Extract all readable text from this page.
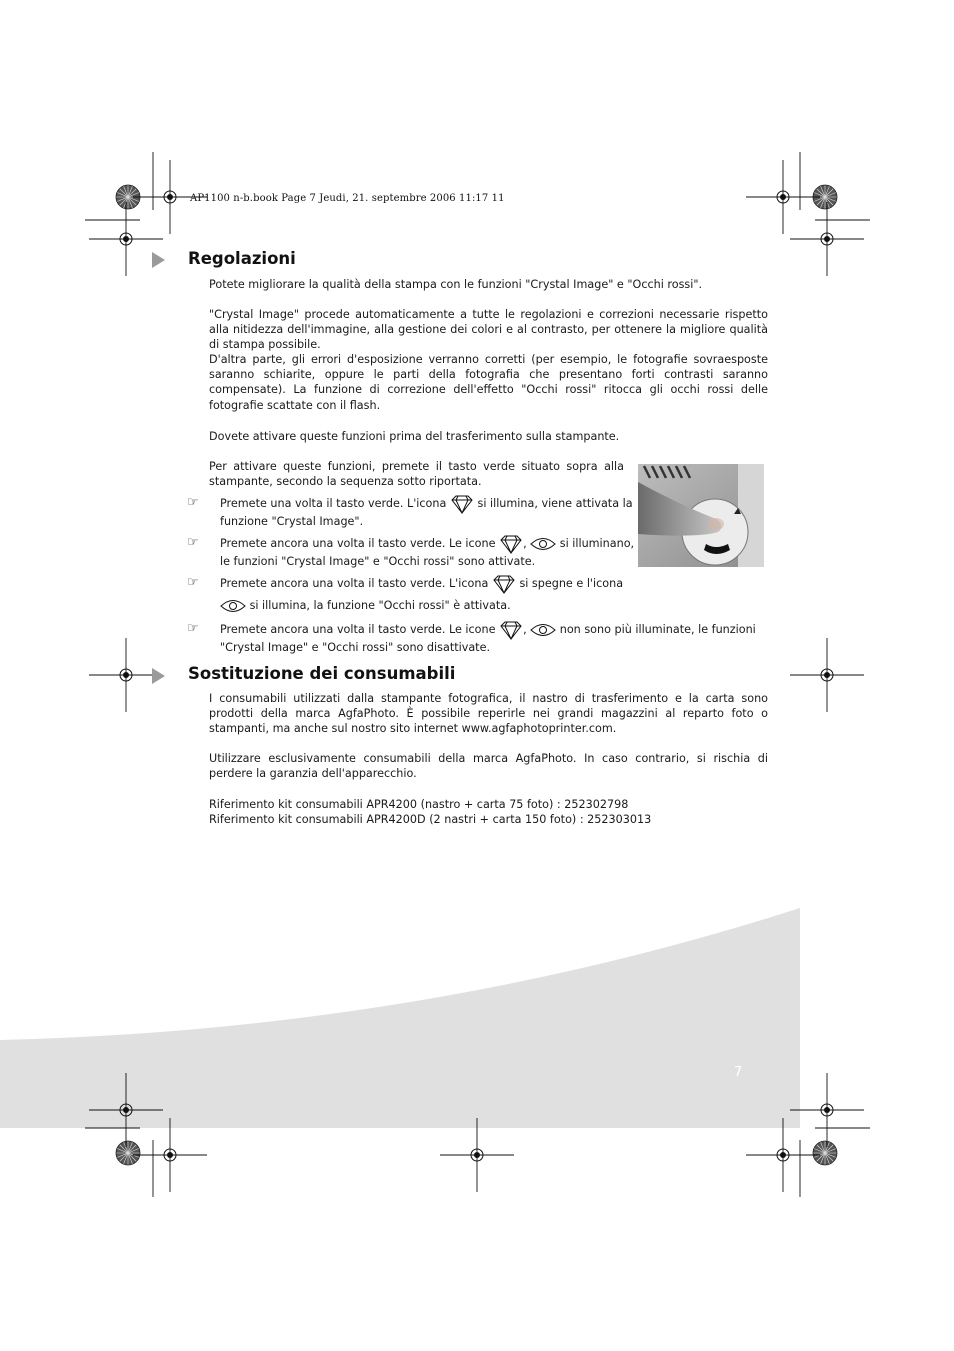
AP1100 n-b.book Page 7 Jeudi, 21. septembre 2006 11:17 11
Regolazioni

Potete migliorare la qualità della stampa con le funzioni "Crystal Image" e "Occhi rossi".

"Crystal Image" procede automaticamente a tutte le regolazioni e correzioni necessarie rispetto alla nitidezza dell'immagine, alla gestione dei colori e al contrasto, per ottenere la migliore qualità di stampa possibile.

D'altra parte, gli errori d'esposizione verranno corretti (per esempio, le fotografie sovraesposte saranno schiarite, oppure le parti della fotografia che presentano forti contrasti saranno compensate). La funzione di correzione dell'effetto "Occhi rossi" ritocca gli occhi rossi delle fotografie scattate con il flash.

Dovete attivare queste funzioni prima del trasferimento sulla stampante.

Per attivare queste funzioni, premete il tasto verde situato sopra alla stampante, secondo la sequenza sotto riportata.

☞ Premete una volta il tasto verde. L'icona	si illumina, viene attivata la

funzione "Crystal Image".

☞ Premete ancora una volta il tasto verde. Le icone ,	si illuminano,

le funzioni "Crystal Image" e "Occhi rossi" sono attivate.

☞ Premete ancora una volta il tasto verde. L'icona	si spegne e l'icona

si illumina, la funzione "Occhi rossi" è attivata.

☞ Premete ancora una volta il tasto verde. Le icone ,	non sono più illuminate, le funzioni

"Crystal Image" e "Occhi rossi" sono disattivate.

Sostituzione dei consumabili

I consumabili utilizzati dalla stampante fotografica, il nastro di trasferimento e la carta sono prodotti della marca AgfaPhoto. È possibile reperirle nei grandi magazzini al reparto foto o stampanti, ma anche sul nostro sito internet www.agfaphotoprinter.com.

Utilizzare esclusivamente consumabili della marca AgfaPhoto. In caso contrario, si rischia di perdere la garanzia dell'apparecchio.

Riferimento kit consumabili APR4200 (nastro + carta 75 foto) : 252302798

Riferimento kit consumabili APR4200D (2 nastri + carta 150 foto) : 252303013

7
